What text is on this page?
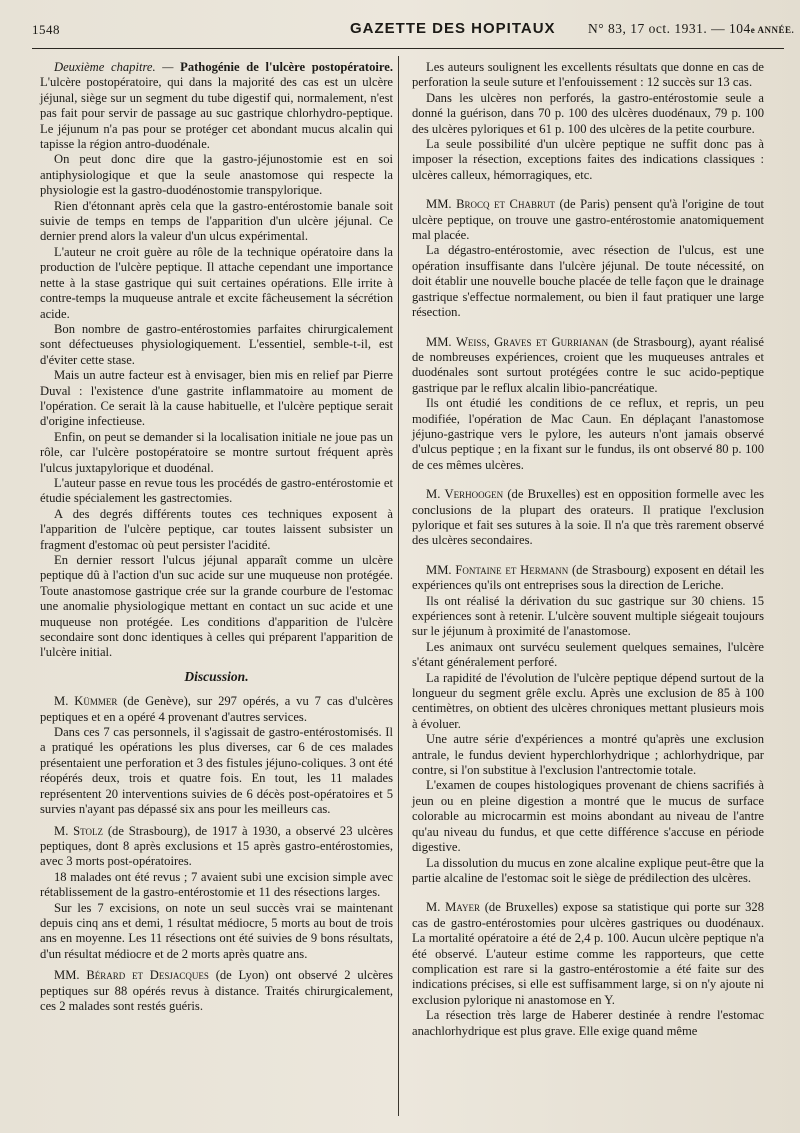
1548	GAZETTE DES HOPITAUX N° 83, 17 oct. 1931. — 104e ANNÉE.

Deuxième chapitre. — Pathogénie de l'ulcère postopératoire. L'ulcère postopératoire, qui dans la majorité des cas est un ulcère jéjunal, siège sur un segment du tube digestif qui, normalement, n'est pas fait pour servir de passage au suc gastrique chlorhydro-peptique. Le jéjunum n'a pas pour se protéger cet abondant mucus alcalin qui tapisse la région antro-duodénale.

On peut donc dire que la gastro-jéjunostomie est en soi antiphysiologique et que la seule anastomose qui respecte la physiologie est la gastro-duodénostomie transpylorique.

Rien d'étonnant après cela que la gastro-entérostomie banale soit suivie de temps en temps de l'apparition d'un ulcère jéjunal. Ce dernier prend alors la valeur d'un ulcus expérimental.

L'auteur ne croit guère au rôle de la technique opératoire dans la production de l'ulcère peptique. Il attache cependant une importance nette à la stase gastrique qui suit certaines opérations. Elle irrite à contre-temps la muqueuse antrale et excite fâcheusement la sécrétion acide.

Bon nombre de gastro-entérostomies parfaites chirurgicalement sont défectueuses physiologiquement. L'essentiel, semble-t-il, est d'éviter cette stase.

Mais un autre facteur est à envisager, bien mis en relief par Pierre Duval : l'existence d'une gastrite inflammatoire au moment de l'opération. Ce serait là la cause habituelle, et l'ulcère peptique serait d'origine infectieuse.

Enfin, on peut se demander si la localisation initiale ne joue pas un rôle, car l'ulcère postopératoire se montre surtout fréquent après l'ulcus juxtapylorique et duodénal.

L'auteur passe en revue tous les procédés de gastro-entérostomie et étudie spécialement les gastrectomies.

A des degrés différents toutes ces techniques exposent à l'apparition de l'ulcère peptique, car toutes laissent subsister un fragment d'estomac où peut persister l'acidité.

En dernier ressort l'ulcus jéjunal apparaît comme un ulcère peptique dû à l'action d'un suc acide sur une muqueuse non protégée. Toute anastomose gastrique crée sur la grande courbure de l'estomac une anomalie physiologique mettant en contact un suc acide et une muqueuse non protégée. Les conditions d'apparition de l'ulcère secondaire sont donc identiques à celles qui préparent l'apparition de l'ulcère initial.

Discussion.

M. Kümmer (de Genève), sur 297 opérés, a vu 7 cas d'ulcères peptiques et en a opéré 4 provenant d'autres services.

Dans ces 7 cas personnels, il s'agissait de gastro-entérostomisés. Il a pratiqué les opérations les plus diverses, car 6 de ces malades présentaient une perforation et 3 des fistules jéjuno-coliques. 3 ont été réopérés deux, trois et quatre fois. En tout, les 11 malades représentent 20 interventions suivies de 6 décès post-opératoires et 5 survies n'ayant pas dépassé six ans pour les meilleurs cas.

M. Stolz (de Strasbourg), de 1917 à 1930, a observé 23 ulcères peptiques, dont 8 après exclusions et 15 après gastro-entérostomies, avec 3 morts post-opératoires.

18 malades ont été revus ; 7 avaient subi une excision simple avec rétablissement de la gastro-entérostomie et 11 des résections larges.

Sur les 7 excisions, on note un seul succès vrai se maintenant depuis cinq ans et demi, 1 résultat médiocre, 5 morts au bout de trois ans en moyenne. Les 11 résections ont été suivies de 9 bons résultats, d'un résultat médiocre et de 2 morts après quatre ans.

MM. Bérard et Desjacques (de Lyon) ont observé 2 ulcères peptiques sur 88 opérés revus à distance. Traités chirurgicalement, ces 2 malades sont restés guéris.

Les auteurs soulignent les excellents résultats que donne en cas de perforation la seule suture et l'enfouissement : 12 succès sur 13 cas.

Dans les ulcères non perforés, la gastro-entérostomie seule a donné la guérison, dans 70 p. 100 des ulcères duodénaux, 79 p. 100 des ulcères pyloriques et 61 p. 100 des ulcères de la petite courbure.

La seule possibilité d'un ulcère peptique ne suffit donc pas à imposer la résection, exceptions faites des indications classiques : ulcères calleux, hémorragiques, etc.

MM. Brocq et Chabrut (de Paris) pensent qu'à l'origine de tout ulcère peptique, on trouve une gastro-entérostomie anatomiquement mal placée.

La dégastro-entérostomie, avec résection de l'ulcus, est une opération insuffisante dans l'ulcère jéjunal. De toute nécessité, on doit établir une nouvelle bouche placée de telle façon que le drainage gastrique s'effectue normalement, ou bien il faut pratiquer une large résection.

MM. Weiss, Graves et Gurrianan (de Strasbourg), ayant réalisé de nombreuses expériences, croient que les muqueuses antrales et duodénales sont surtout protégées contre le suc acido-peptique gastrique par le reflux alcalin libio-pancréatique.

Ils ont étudié les conditions de ce reflux, et repris, un peu modifiée, l'opération de Mac Caun. En déplaçant l'anastomose jéjuno-gastrique vers le pylore, les auteurs n'ont jamais observé d'ulcus peptique ; en la fixant sur le fundus, ils ont observé 80 p. 100 de ces mêmes ulcères.

M. Verhoogen (de Bruxelles) est en opposition formelle avec les conclusions de la plupart des orateurs. Il pratique l'exclusion pylorique et fait ses sutures à la soie. Il n'a que très rarement observé des ulcères secondaires.

MM. Fontaine et Hermann (de Strasbourg) exposent en détail les expériences qu'ils ont entreprises sous la direction de Leriche.

Ils ont réalisé la dérivation du suc gastrique sur 30 chiens. 15 expériences sont à retenir. L'ulcère souvent multiple siégeait toujours sur le jéjunum à proximité de l'anastomose.

Les animaux ont survécu seulement quelques semaines, l'ulcère s'étant généralement perforé.

La rapidité de l'évolution de l'ulcère peptique dépend surtout de la longueur du segment grêle exclu. Après une exclusion de 85 à 100 centimètres, on obtient des ulcères chroniques mettant plusieurs mois à évoluer.

Une autre série d'expériences a montré qu'après une exclusion antrale, le fundus devient hyperchlorhydrique ; achlorhydrique, par contre, si l'on substitue à l'exclusion l'antrectomie totale.

L'examen de coupes histologiques provenant de chiens sacrifiés à jeun ou en pleine digestion a montré que le mucus de surface colorable au microcarmin est moins abondant au niveau de l'antre qu'au niveau du fundus, et que cette différence s'accuse en période digestive.

La dissolution du mucus en zone alcaline explique peut-être que la partie alcaline de l'estomac soit le siège de prédilection des ulcères.

M. Mayer (de Bruxelles) expose sa statistique qui porte sur 328 cas de gastro-entérostomies pour ulcères gastriques ou duodénaux. La mortalité opératoire a été de 2,4 p. 100. Aucun ulcère peptique n'a été observé. L'auteur estime comme les rapporteurs, que cette complication est rare si la gastro-entérostomie a été faite sur des indications précises, si elle est suffisamment large, si on n'y ajoute ni exclusion pylorique ni anastomose en Y.

La résection très large de Haberer destinée à rendre l'estomac anachlorhydrique est plus grave. Elle exige quand même
